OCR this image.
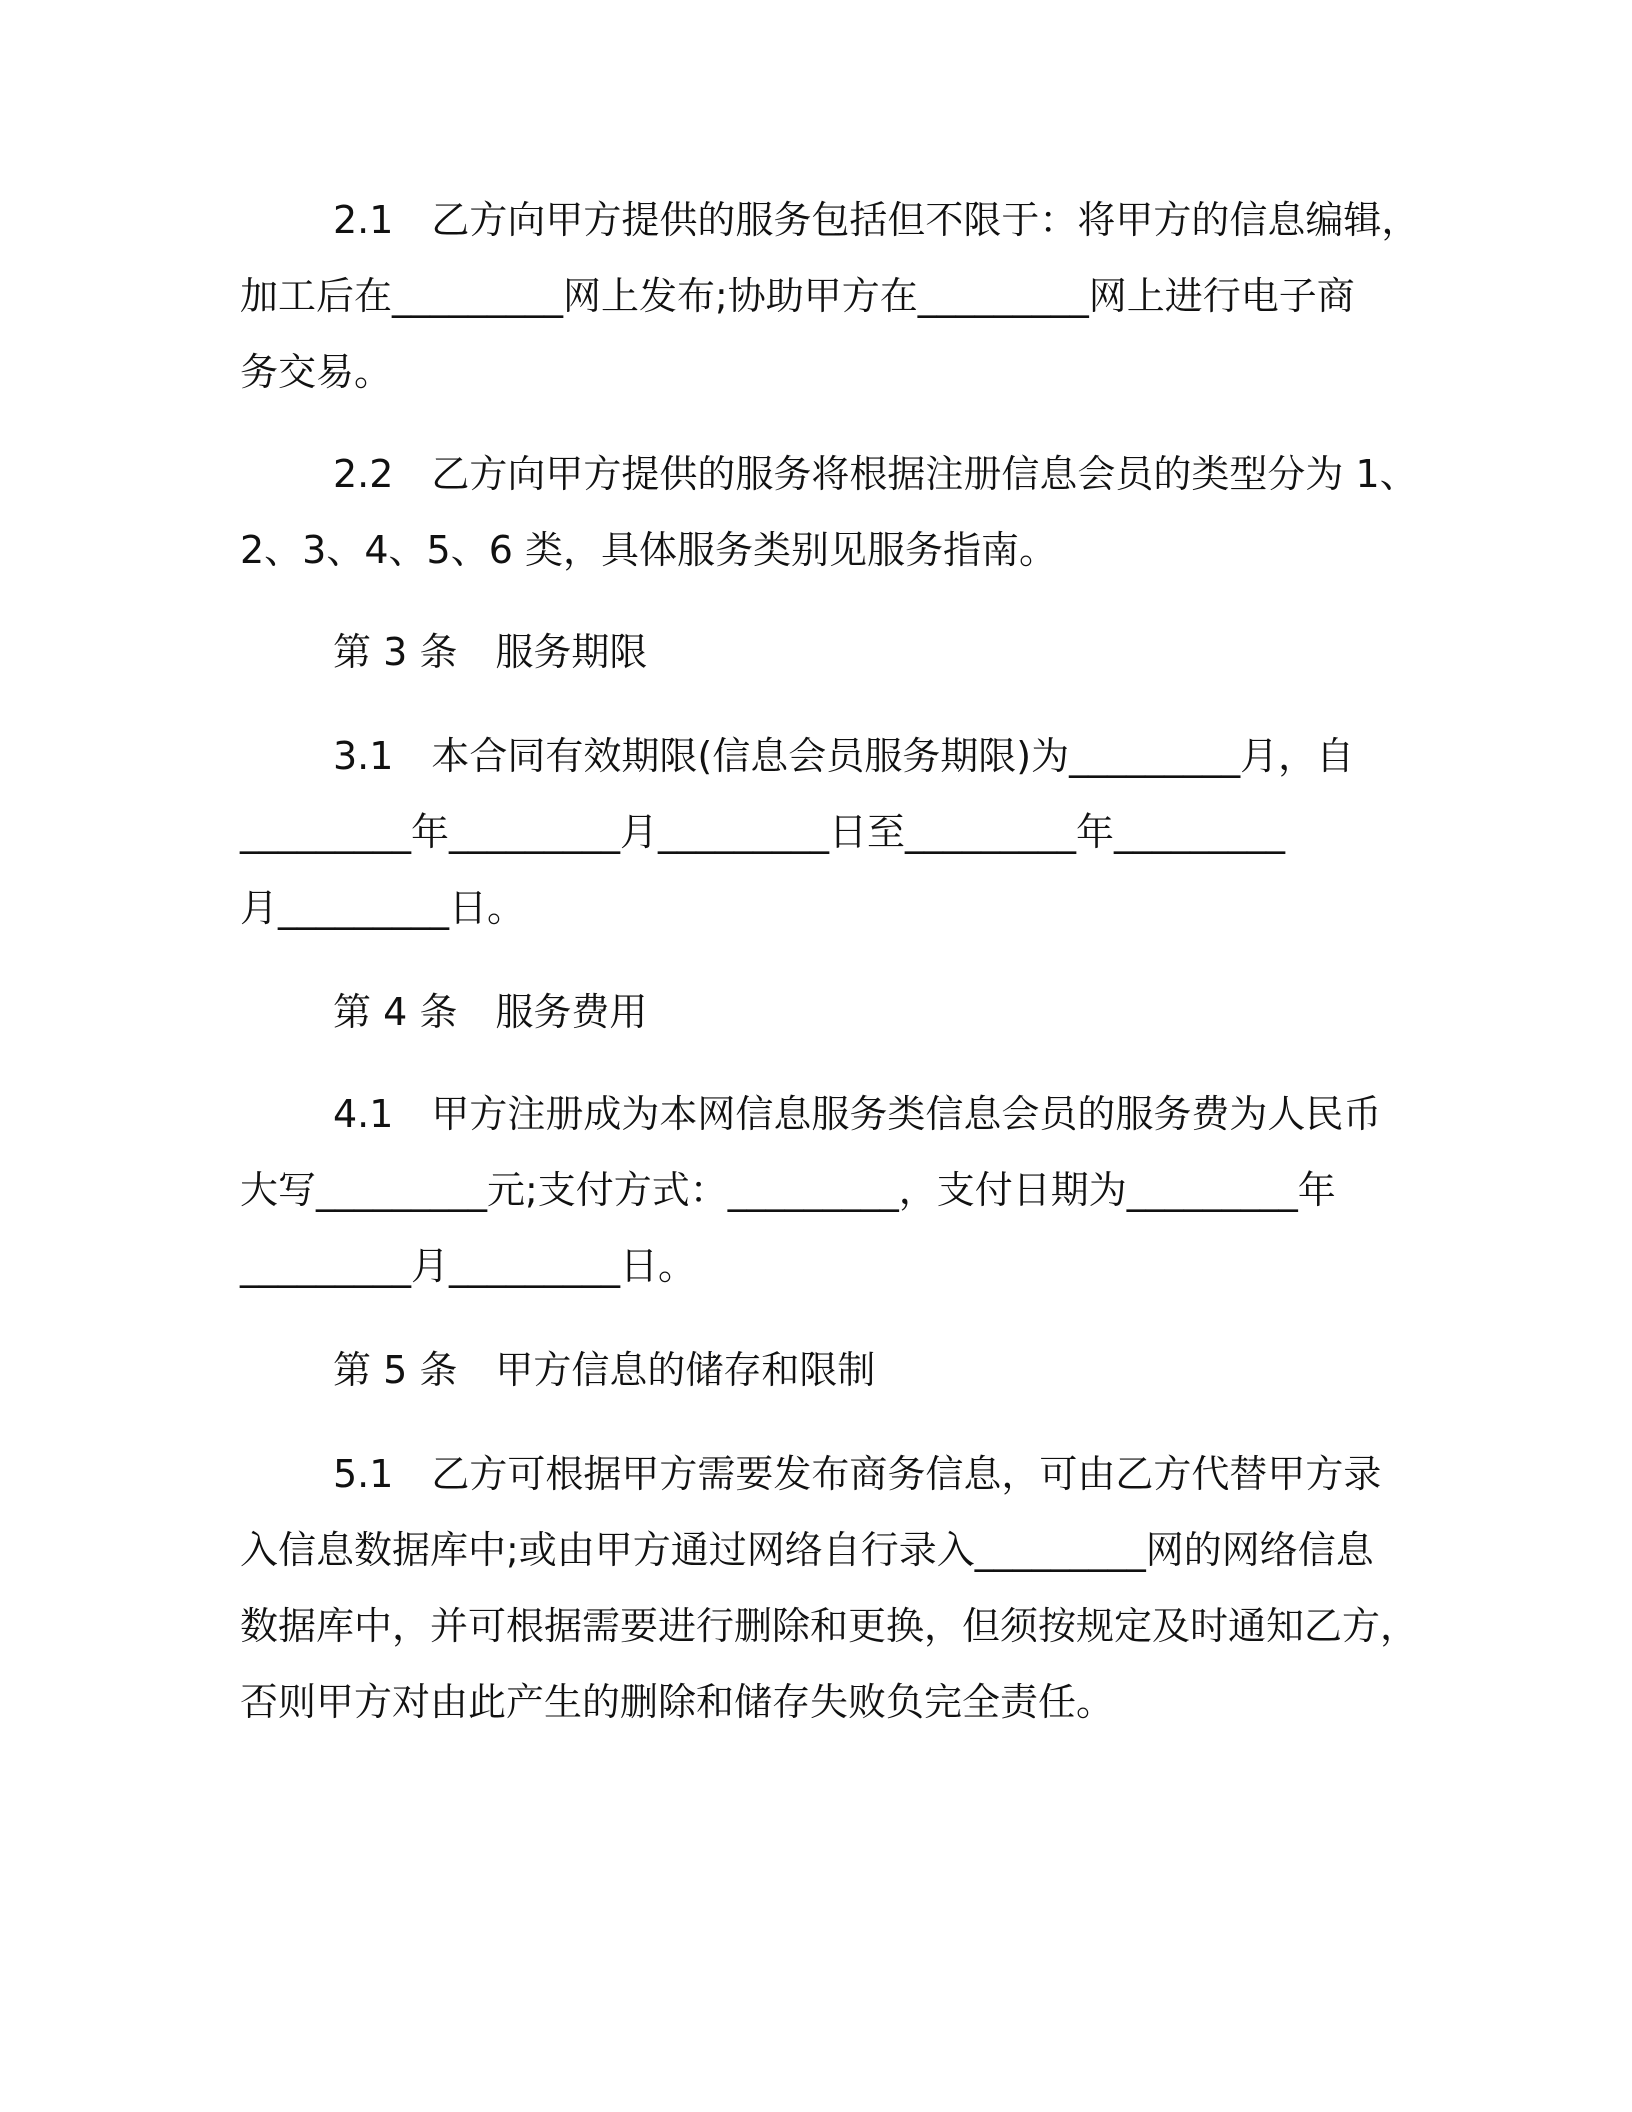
2.1　乙方向甲方提供的服务包括但不限于：将甲方的信息编辑，
加工后在_________网上发布;协助甲方在_________网上进行电子商
务交易。
2.2　乙方向甲方提供的服务将根据注册信息会员的类型分为 1、
2、3、4、5、6 类，具体服务类别见服务指南。
第 3 条　服务期限
3.1　本合同有效期限(信息会员服务期限)为_________月，自
_________年_________月_________日至_________年_________
月_________日。
第 4 条　服务费用
4.1　甲方注册成为本网信息服务类信息会员的服务费为人民币
大写_________元;支付方式：_________，支付日期为_________年
_________月_________日。
第 5 条　甲方信息的储存和限制
5.1　乙方可根据甲方需要发布商务信息，可由乙方代替甲方录
入信息数据库中;或由甲方通过网络自行录入_________网的网络信息
数据库中，并可根据需要进行删除和更换，但须按规定及时通知乙方，
否则甲方对由此产生的删除和储存失败负完全责任。
